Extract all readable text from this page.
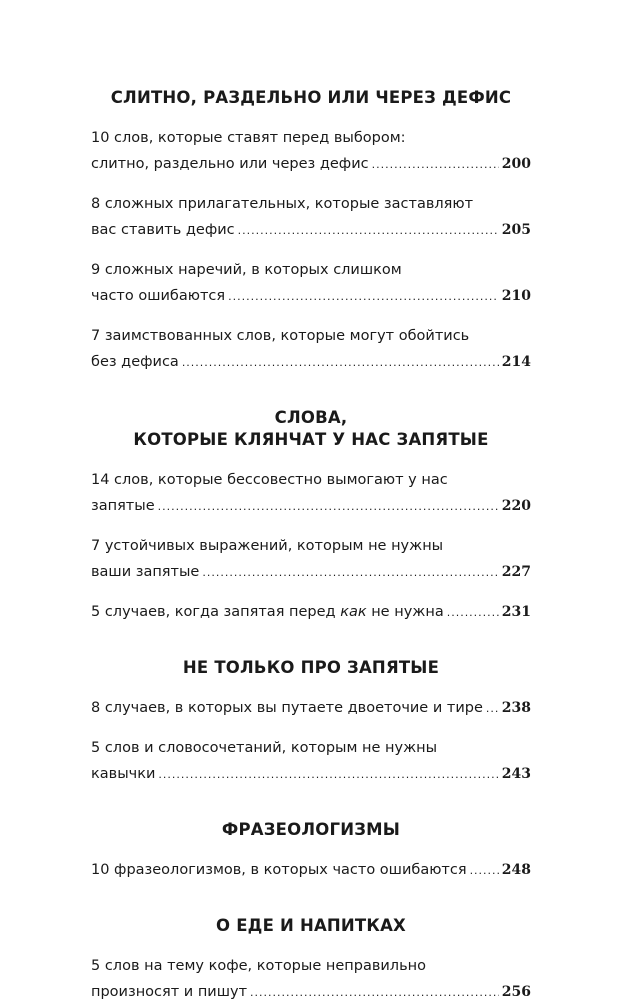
СЛИТНО, РАЗДЕЛЬНО ИЛИ ЧЕРЕЗ ДЕФИС
10 слов, которые ставят перед выбором:
слитно, раздельно или через дефис .....	200
8 сложных прилагательных, которые заставляют
вас ставить дефис .....	205
9 сложных наречий, в которых слишком
часто ошибаются .....	210
7 заимствованных слов, которые могут обойтись
без дефиса .....	214
СЛОВА,
КОТОРЫЕ КЛЯНЧАТ У НАС ЗАПЯТЫЕ
14 слов, которые бессовестно вымогают у нас
запятые .....	220
7 устойчивых выражений, которым не нужны
ваши запятые .....	227
5 случаев, когда запятая перед как не нужна .....	231
НЕ ТОЛЬКО ПРО ЗАПЯТЫЕ
8 случаев, в которых вы путаете двоеточие и тире ..... 238
5 слов и словосочетаний, которым не нужны
кавычки .....	243
ФРАЗЕОЛОГИЗМЫ
10 фразеологизмов, в которых часто ошибаются .....	248
О ЕДЕ И НАПИТКАХ
5 слов на тему кофе, которые неправильно
произносят и пишут .....	256
